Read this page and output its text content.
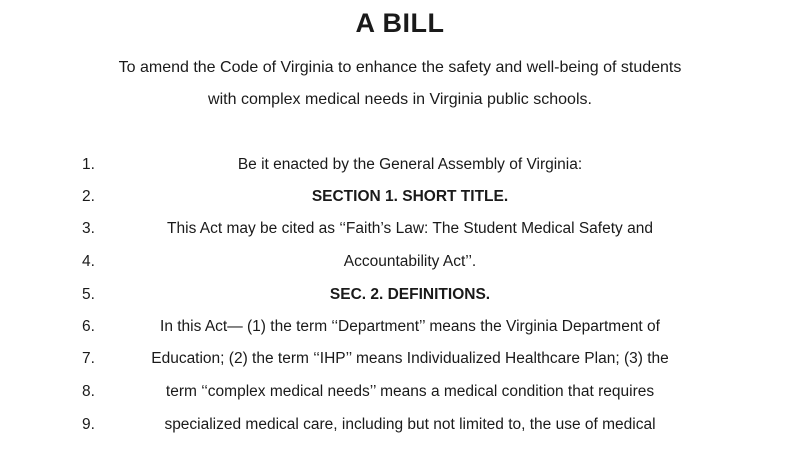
A BILL
To amend the Code of Virginia to enhance the safety and well-being of students
with complex medical needs in Virginia public schools.
1.	Be it enacted by the General Assembly of Virginia:
2.	SECTION 1. SHORT TITLE.
3.	This Act may be cited as ‘‘Faith’s Law: The Student Medical Safety and
4.	Accountability Act’’.
5.	SEC. 2. DEFINITIONS.
6.	In this Act— (1) the term ‘‘Department’’ means the Virginia Department of
7.	Education; (2) the term ‘‘IHP’’ means Individualized Healthcare Plan; (3) the
8.	term ‘‘complex medical needs’’ means a medical condition that requires
9.	specialized medical care, including but not limited to, the use of medical
